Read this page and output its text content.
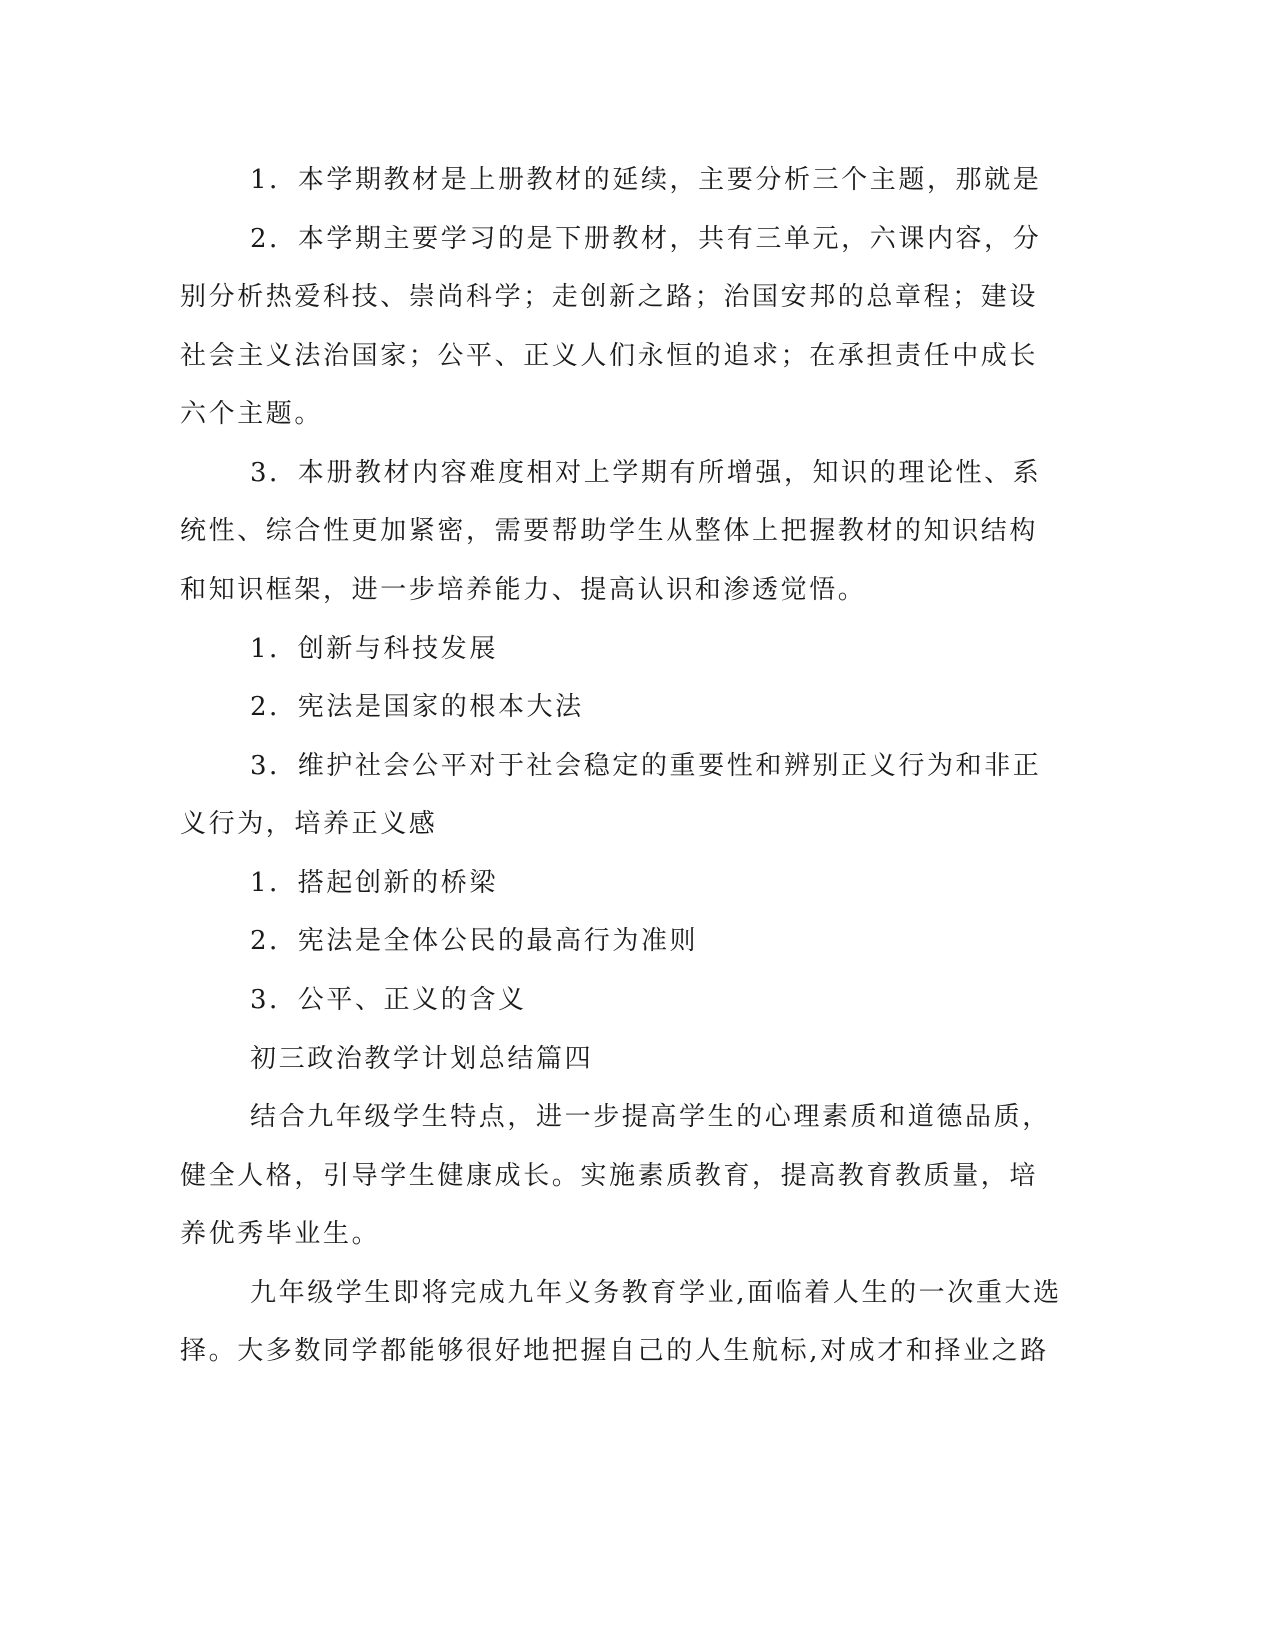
1．本学期教材是上册教材的延续，主要分析三个主题，那就是
2．本学期主要学习的是下册教材，共有三单元，六课内容，分
别分析热爱科技、崇尚科学；走创新之路；治国安邦的总章程；建设
社会主义法治国家；公平、正义人们永恒的追求；在承担责任中成长
六个主题。
3．本册教材内容难度相对上学期有所增强，知识的理论性、系
统性、综合性更加紧密，需要帮助学生从整体上把握教材的知识结构
和知识框架，进一步培养能力、提高认识和渗透觉悟。
1．创新与科技发展
2．宪法是国家的根本大法
3．维护社会公平对于社会稳定的重要性和辨别正义行为和非正
义行为，培养正义感
1．搭起创新的桥梁
2．宪法是全体公民的最高行为准则
3．公平、正义的含义
初三政治教学计划总结篇四
结合九年级学生特点，进一步提高学生的心理素质和道德品质，
健全人格，引导学生健康成长。实施素质教育，提高教育教质量，培
养优秀毕业生。
九年级学生即将完成九年义务教育学业,面临着人生的一次重大选
择。大多数同学都能够很好地把握自己的人生航标,对成才和择业之路
